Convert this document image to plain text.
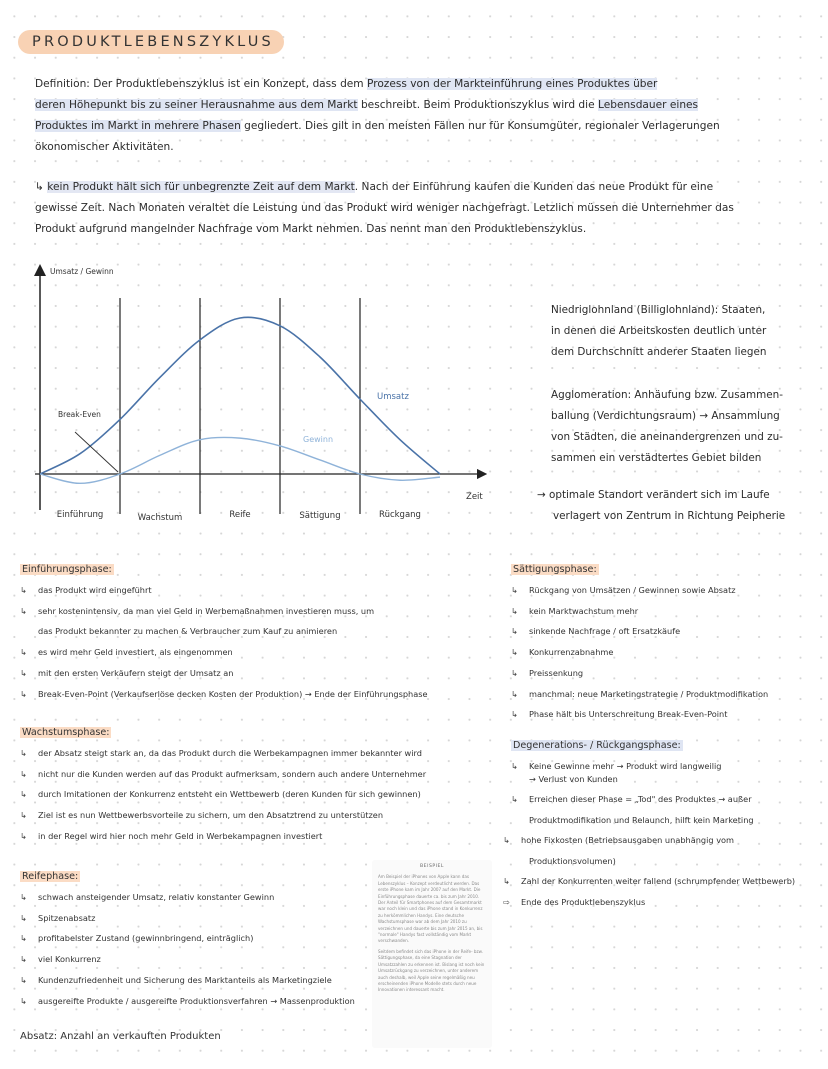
PRODUKTLEBENSZYKLUS

Definition: Der Produktlebenszyklus ist ein Konzept, dass dem Prozess von der Markteinführung eines Produktes über

deren Höhepunkt bis zu seiner Herausnahme aus dem Markt beschreibt. Beim Produktionszyklus wird die Lebensdauer eines

Produktes im Markt in mehrere Phasen gegliedert. Dies gilt in den meisten Fällen nur für Konsumgüter, regionaler Verlagerungen

ökonomischer Aktivitäten.

↳ kein Produkt hält sich für unbegrenzte Zeit auf dem Markt. Nach der Einführung kaufen die Kunden das neue Produkt für eine

gewisse Zeit. Nach Monaten veraltet die Leistung und das Produkt wird weniger nachgefragt. Letzlich müssen die Unternehmer das

Produkt aufgrund mangelnder Nachfrage vom Markt nehmen. Das nennt man den Produktlebenszyklus.

Umsatz / Gewinn
Zeit
Umsatz
Gewinn
Break-Even
Einführung	Wachstum	Reife	Sättigung	Rückgang

Niedriglohnland (Billiglohnland): Staaten,

in denen die Arbeitskosten deutlich unter

dem Durchschnitt anderer Staaten liegen

Agglomeration: Anhäufung bzw. Zusammen-

ballung (Verdichtungsraum) → Ansammlung

von Städten, die aneinandergrenzen und zu-

sammen ein verstädtertes Gebiet bilden

→ optimale Standort verändert sich im Laufe

verlagert von Zentrum in Richtung Peipherie

Einführungsphase:
↳ das Produkt wird eingeführt
↳ sehr kostenintensiv, da man viel Geld in Werbemaßnahmen investieren muss, um
das Produkt bekannter zu machen & Verbraucher zum Kauf zu animieren
↳ es wird mehr Geld investiert, als eingenommen
↳ mit den ersten Verkäufern steigt der Umsatz an
↳ Break-Even-Point (Verkaufserlöse decken Kosten der Produktion) → Ende der Einführungsphase
Wachstumsphase:
↳ der Absatz steigt stark an, da das Produkt durch die Werbekampagnen immer bekannter wird
↳ nicht nur die Kunden werden auf das Produkt aufmerksam, sondern auch andere Unternehmer
↳ durch Imitationen der Konkurrenz entsteht ein Wettbewerb (deren Kunden für sich gewinnen)
↳ Ziel ist es nun Wettbewerbsvorteile zu sichern, um den Absatztrend zu unterstützen
↳ in der Regel wird hier noch mehr Geld in Werbekampagnen investiert
Reifephase:
↳ schwach ansteigender Umsatz, relativ konstanter Gewinn
↳ Spitzenabsatz
↳ profitabelster Zustand (gewinnbringend, einträglich)
↳ viel Konkurrenz
↳ Kundenzufriedenheit und Sicherung des Marktanteils als Marketingziele
↳ ausgereifte Produkte / ausgereifte Produktionsverfahren → Massenproduktion
Sättigungsphase:
↳ Rückgang von Umsätzen / Gewinnen sowie Absatz
↳ kein Marktwachstum mehr
↳ sinkende Nachfrage / oft Ersatzkäufe
↳ Konkurrenzabnahme
↳ Preissenkung
↳ manchmal: neue Marketingstrategie / Produktmodifikation
↳ Phase hält bis Unterschreitung Break-Even-Point
Degenerations- / Rückgangsphase:
↳ Keine Gewinne mehr → Produkt wird langweilig
→ Verlust von Kunden
↳ Erreichen dieser Phase = „Tod" des Produktes → außer
Produktmodifikation und Relaunch, hilft kein Marketing
↳ hohe Fixkosten (Betriebsausgaben unabhängig vom
Produktionsvolumen)
↳ Zahl der Konkurrenten weiter fallend (schrumpfender Wettbewerb)
⇨ Ende des Produktlebenszyklus

BEISPIEL

Am Beispiel der iPhones von Apple kann das Lebenszyklus – Konzept verdeutlicht werden. Das erste iPhone kam im Jahr 2007 auf den Markt. Die Einführungsphase dauerte ca. bis zum Jahr 2010. Der Anteil für Smartphones auf dem Gesamtmarkt war noch klein und das iPhone stand in Konkurrenz zu herkömmlichen Handys. Eine deutsche Wachstumsphase war ab dem Jahr 2010 zu verzeichnen und dauerte bis zum Jahr 2015 an, bis "normale" Handys fast vollständig vom Markt verschwanden.

Seitdem befindet sich das iPhone in der Reife- bzw. Sättigungsphase, da eine Stagnation der Umsatzzahlen zu erkennen ist. Bislang ist noch kein Umsatzrückgang zu verzeichnen, unter anderem auch deshalb, weil Apple seine regelmäßig neu erscheinenden iPhone Modelle stets durch neue Innovationen interessant macht.

Absatz: Anzahl an verkauften Produkten
